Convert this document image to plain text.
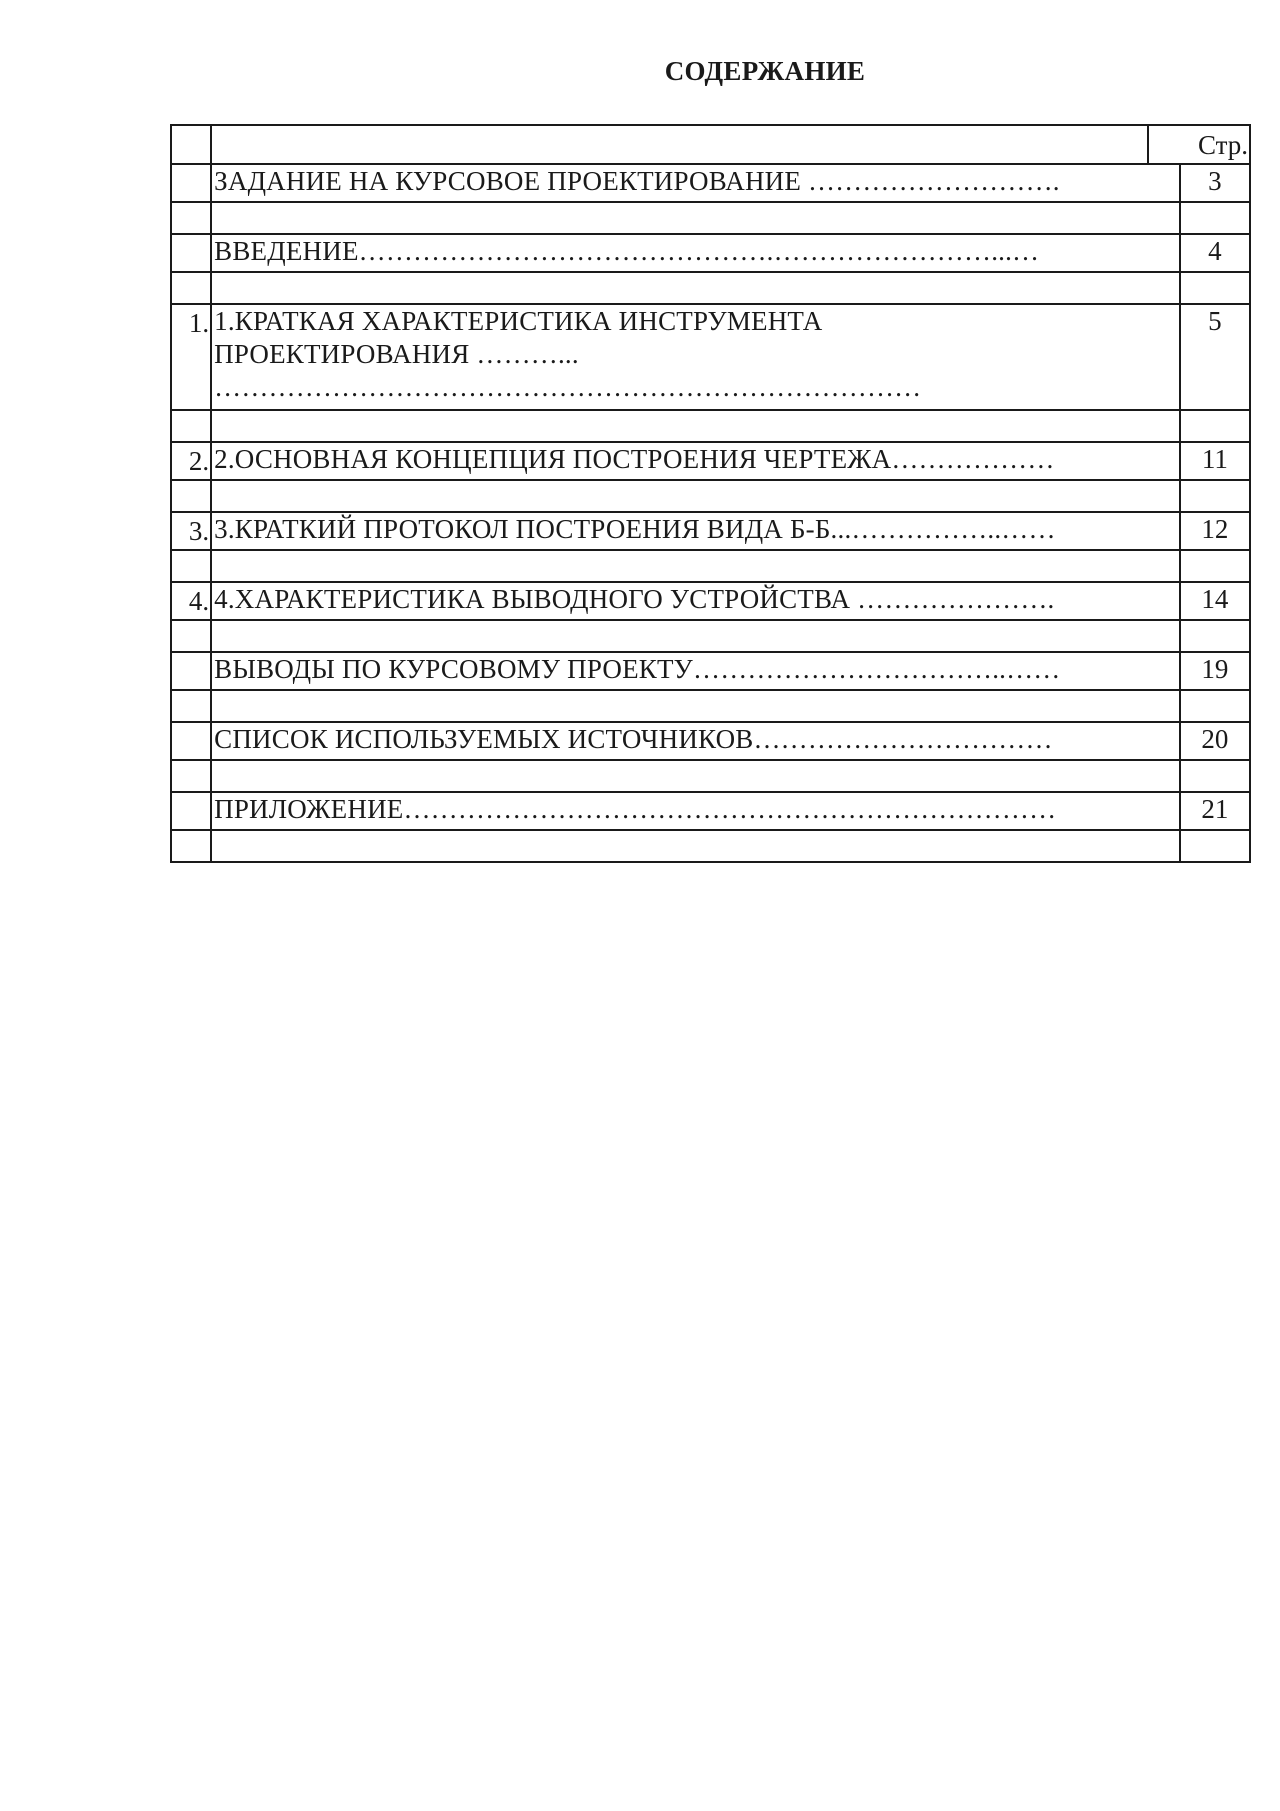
СОДЕРЖАНИЕ

	Стр.	

	ЗАДАНИЕ НА КУРСОВОЕ ПРОЕКТИРОВАНИЕ ……………………….	3

	ВВЕДЕНИЕ……………………………………….……………………...…	4

1.	1.КРАТКАЯ ХАРАКТЕРИСТИКА ИНСТРУМЕНТА
ПРОЕКТИРОВАНИЯ ………...
……………………………………………………………………	5

2.	2.ОСНОВНАЯ КОНЦЕПЦИЯ ПОСТРОЕНИЯ ЧЕРТЕЖА………………	11

3.	3.КРАТКИЙ ПРОТОКОЛ ПОСТРОЕНИЯ ВИДА Б-Б...……………..……	12

4.	4.ХАРАКТЕРИСТИКА ВЫВОДНОГО УСТРОЙСТВА ………………….	14

	ВЫВОДЫ ПО КУРСОВОМУ ПРОЕКТУ……………………………..……	19

	СПИСОК ИСПОЛЬЗУЕМЫХ ИСТОЧНИКОВ……………………………	20

	ПРИЛОЖЕНИЕ………………………………………………………………	21
